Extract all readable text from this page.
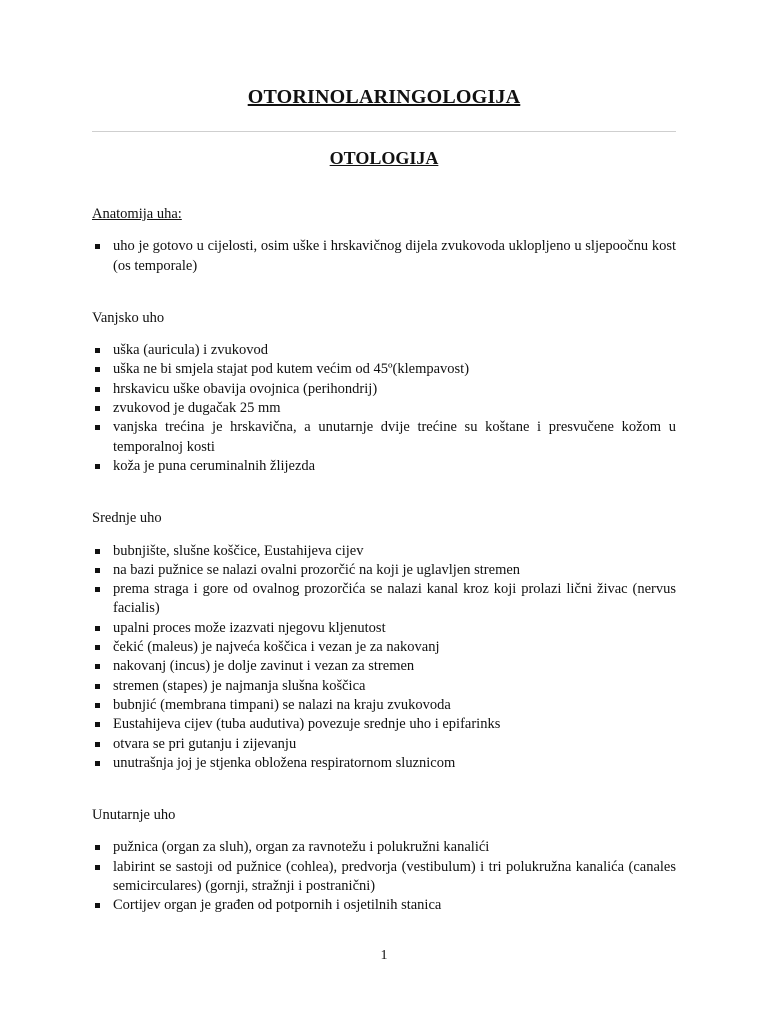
OTORINOLARINGOLOGIJA
OTOLOGIJA
Anatomija uha:
uho je gotovo u cijelosti, osim uške i hrskavičnog dijela zvukovoda uklopljeno u sljepoočnu kost (os temporale)
Vanjsko uho
uška (auricula) i zvukovod
uška ne bi smjela stajat pod kutem većim od 45º(klempavost)
hrskavicu uške obavija ovojnica (perihondrij)
zvukovod je dugačak 25 mm
vanjska trećina je hrskavična, a unutarnje dvije trećine su koštane i presvučene kožom u temporalnoj kosti
koža je puna ceruminalnih žlijezda
Srednje uho
bubnjište, slušne koščice, Eustahijeva cijev
na bazi pužnice se nalazi ovalni prozorčić na koji je uglavljen stremen
prema straga i gore od ovalnog prozorčića se nalazi kanal kroz koji prolazi lični živac (nervus facialis)
upalni proces može izazvati njegovu kljenutost
čekić (maleus) je najveća koščica i vezan je za nakovanj
nakovanj (incus) je dolje zavinut i vezan za stremen
stremen (stapes) je najmanja slušna koščica
bubnjić (membrana timpani) se nalazi na kraju zvukovoda
Eustahijeva cijev (tuba audutiva) povezuje srednje uho i epifarinks
otvara se pri gutanju i zijevanju
unutrašnja joj je stjenka obložena respiratornom sluznicom
Unutarnje uho
pužnica (organ za sluh), organ za ravnotežu i polukružni kanalići
labirint se sastoji od pužnice (cohlea), predvorja (vestibulum) i tri polukružna kanalića (canales semicirculares) (gornji, stražnji i postranični)
Cortijev organ je građen od potpornih i osjetilnih stanica
1
